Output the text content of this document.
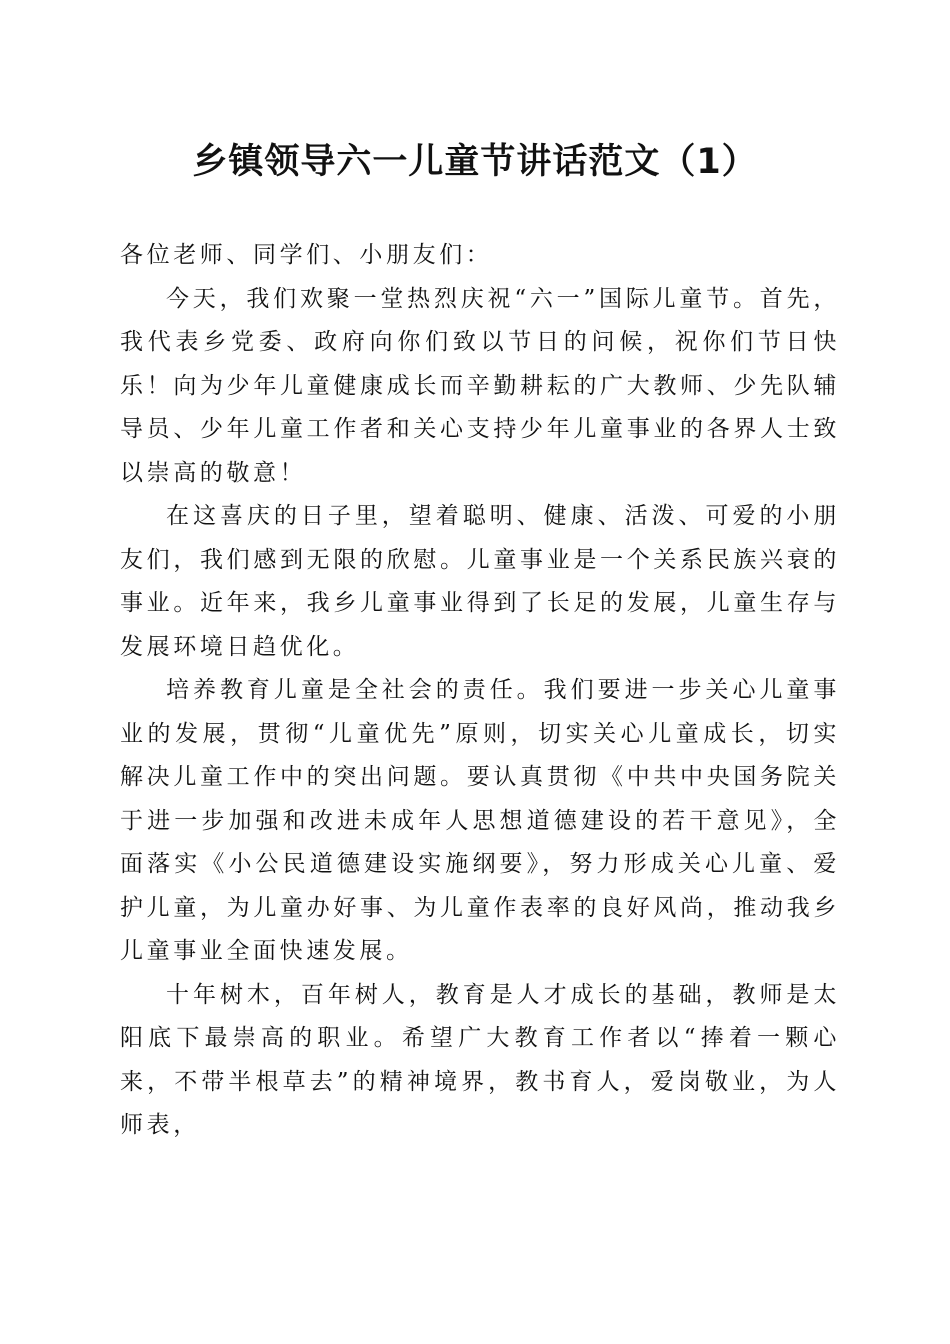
乡镇领导六一儿童节讲话范文（1）

各位老师、同学们、小朋友们：

今天，我们欢聚一堂热烈庆祝“六一”国际儿童节。首先，我代表乡党委、政府向你们致以节日的问候，祝你们节日快乐！向为少年儿童健康成长而辛勤耕耘的广大教师、少先队辅导员、少年儿童工作者和关心支持少年儿童事业的各界人士致以崇高的敬意！

在这喜庆的日子里，望着聪明、健康、活泼、可爱的小朋友们，我们感到无限的欣慰。儿童事业是一个关系民族兴衰的事业。近年来，我乡儿童事业得到了长足的发展，儿童生存与发展环境日趋优化。

培养教育儿童是全社会的责任。我们要进一步关心儿童事业的发展，贯彻“儿童优先”原则，切实关心儿童成长，切实解决儿童工作中的突出问题。要认真贯彻《中共中央国务院关于进一步加强和改进未成年人思想道德建设的若干意见》，全面落实《小公民道德建设实施纲要》，努力形成关心儿童、爱护儿童，为儿童办好事、为儿童作表率的良好风尚，推动我乡儿童事业全面快速发展。

十年树木，百年树人，教育是人才成长的基础，教师是太阳底下最崇高的职业。希望广大教育工作者以“捧着一颗心来，不带半根草去”的精神境界，教书育人，爱岗敬业，为人师表，
